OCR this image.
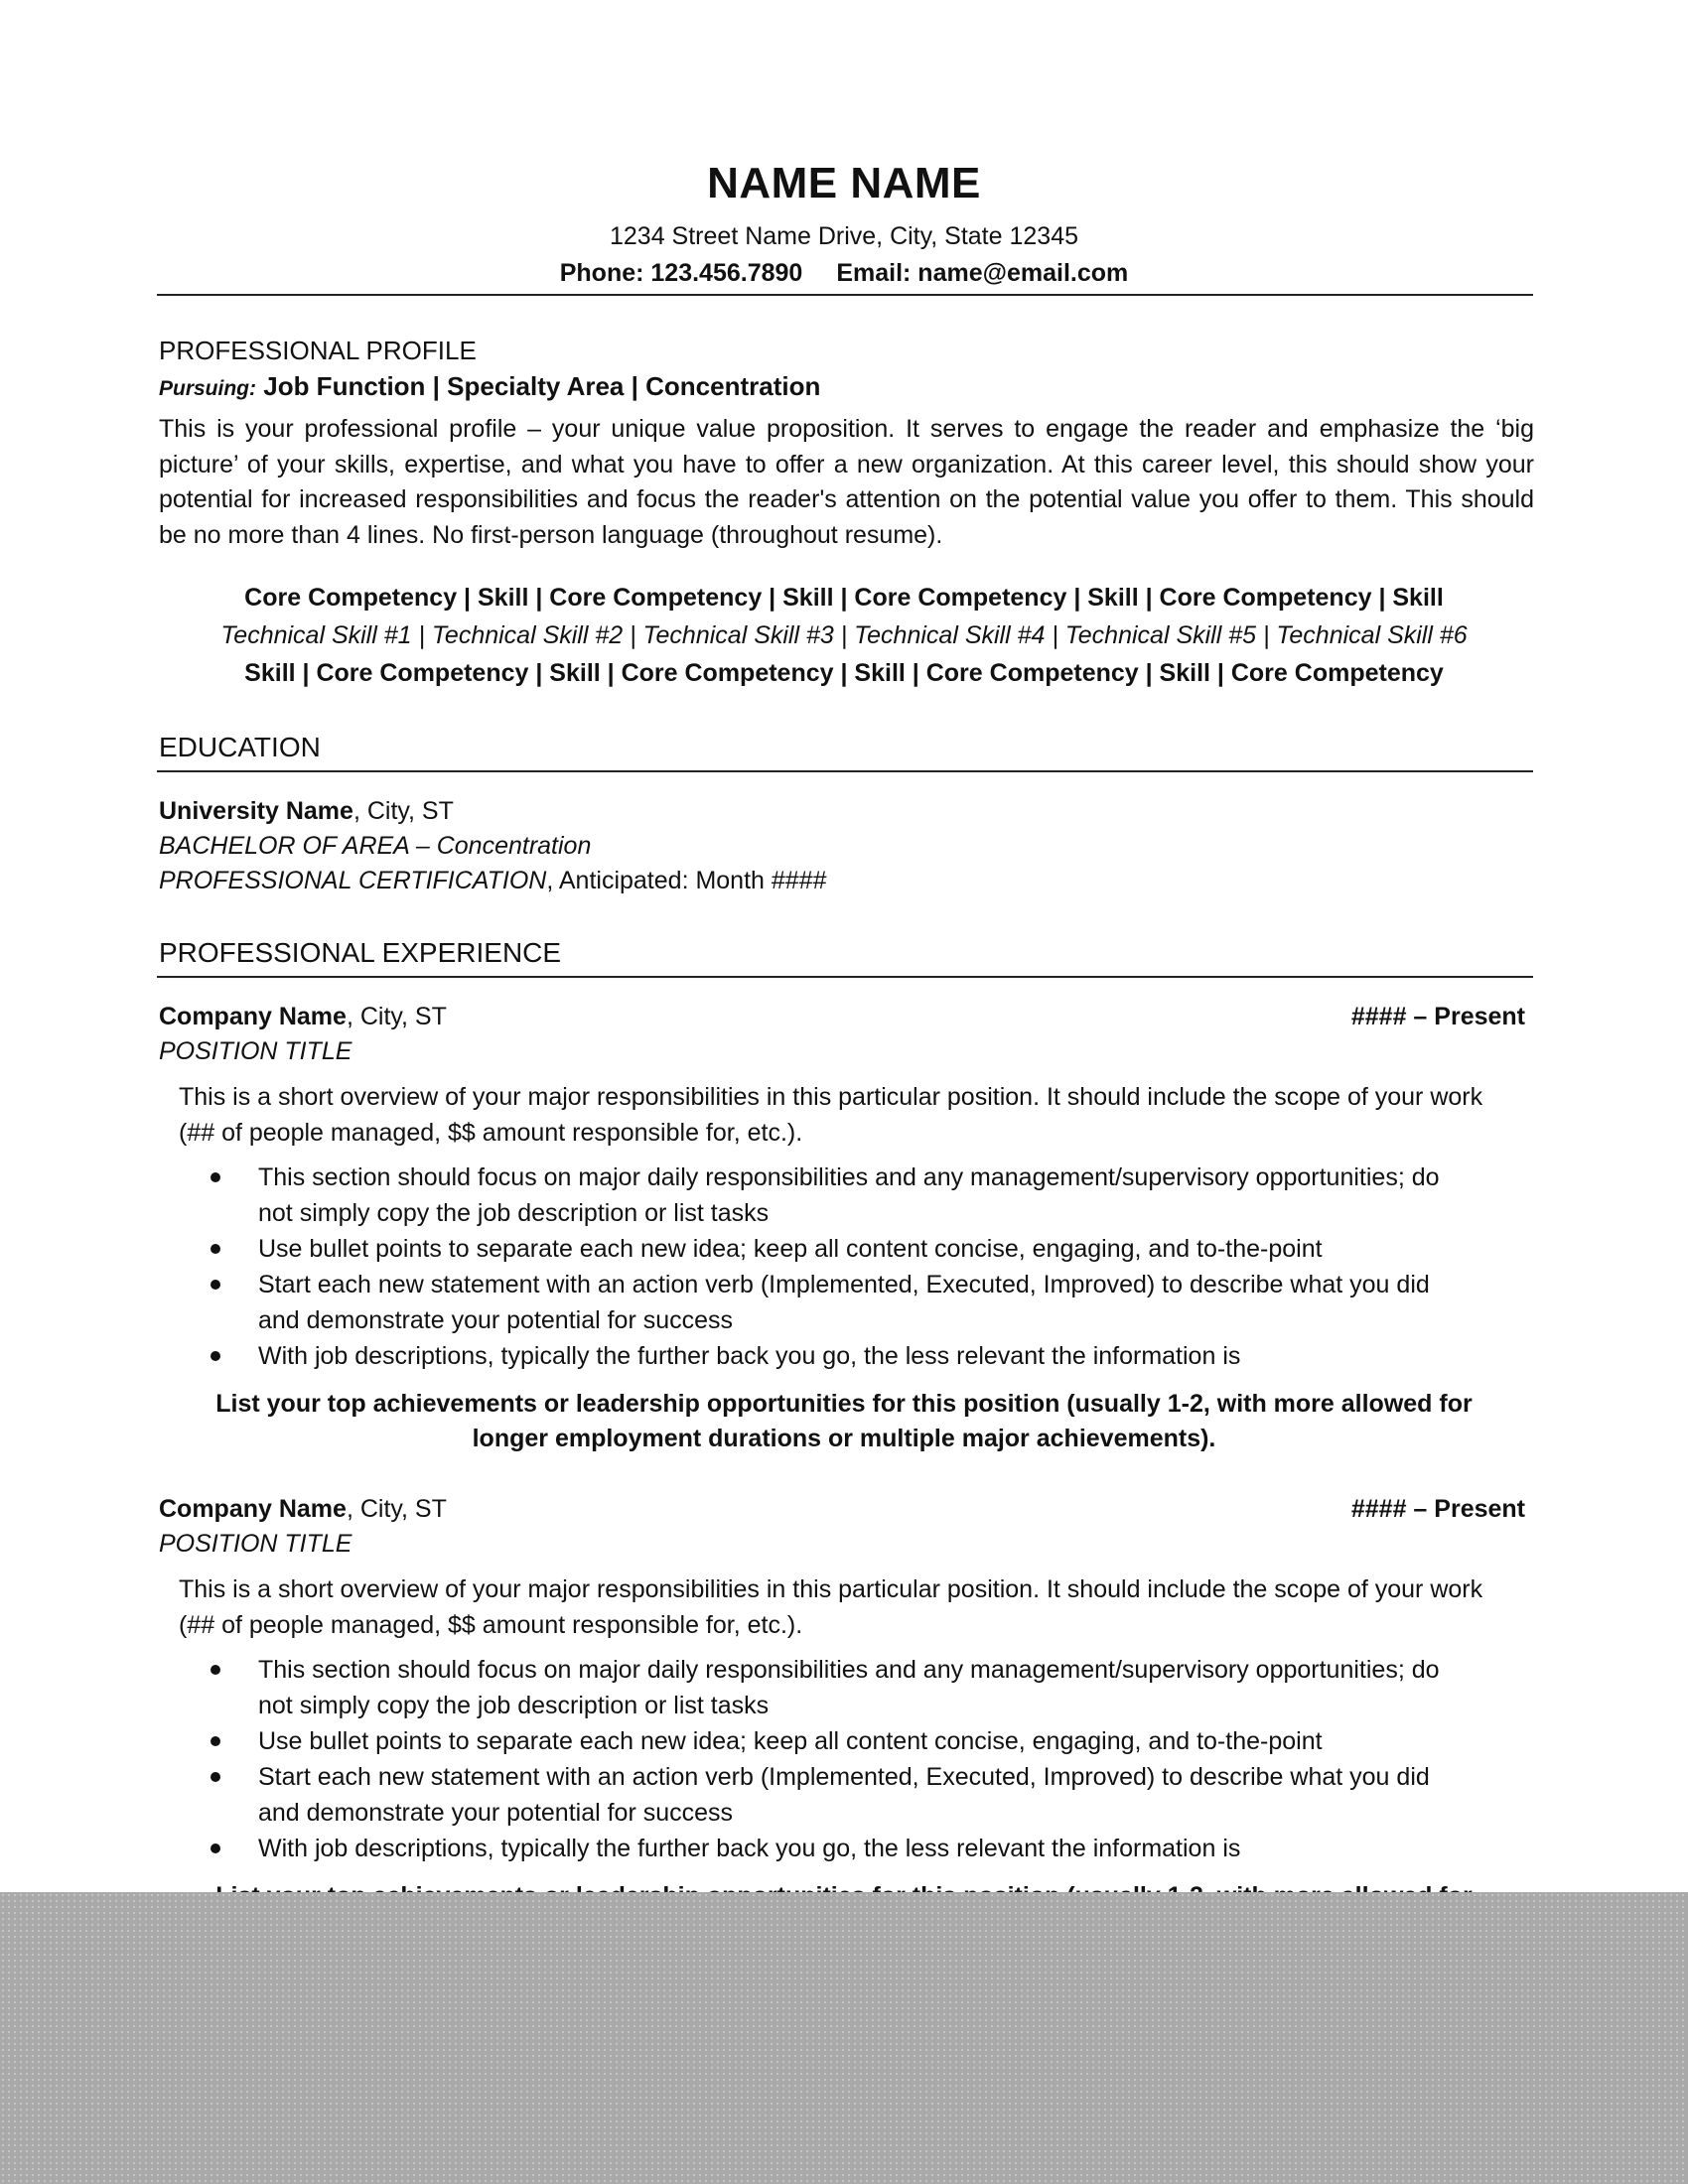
NAME NAME
1234 Street Name Drive, City, State 12345
Phone: 123.456.7890 Email: name@email.com
PROFESSIONAL PROFILE
Pursuing: Job Function | Specialty Area | Concentration
This is your professional profile – your unique value proposition. It serves to engage the reader and emphasize the ‘big picture’ of your skills, expertise, and what you have to offer a new organization. At this career level, this should show your potential for increased responsibilities and focus the reader's attention on the potential value you offer to them. This should be no more than 4 lines. No first-person language (throughout resume).
Core Competency | Skill | Core Competency | Skill | Core Competency | Skill | Core Competency | Skill
Technical Skill #1 | Technical Skill #2 | Technical Skill #3 | Technical Skill #4 | Technical Skill #5 | Technical Skill #6
Skill | Core Competency | Skill | Core Competency | Skill | Core Competency | Skill | Core Competency
EDUCATION
University Name, City, ST
BACHELOR OF AREA – Concentration
PROFESSIONAL CERTIFICATION, Anticipated: Month ####
PROFESSIONAL EXPERIENCE
Company Name, City, ST	#### – Present
POSITION TITLE
This is a short overview of your major responsibilities in this particular position. It should include the scope of your work (## of people managed, $$ amount responsible for, etc.).
This section should focus on major daily responsibilities and any management/supervisory opportunities; do not simply copy the job description or list tasks
Use bullet points to separate each new idea; keep all content concise, engaging, and to-the-point
Start each new statement with an action verb (Implemented, Executed, Improved) to describe what you did and demonstrate your potential for success
With job descriptions, typically the further back you go, the less relevant the information is
List your top achievements or leadership opportunities for this position (usually 1-2, with more allowed for longer employment durations or multiple major achievements).
Company Name, City, ST	#### – Present
POSITION TITLE
This is a short overview of your major responsibilities in this particular position. It should include the scope of your work (## of people managed, $$ amount responsible for, etc.).
This section should focus on major daily responsibilities and any management/supervisory opportunities; do not simply copy the job description or list tasks
Use bullet points to separate each new idea; keep all content concise, engaging, and to-the-point
Start each new statement with an action verb (Implemented, Executed, Improved) to describe what you did and demonstrate your potential for success
With job descriptions, typically the further back you go, the less relevant the information is
